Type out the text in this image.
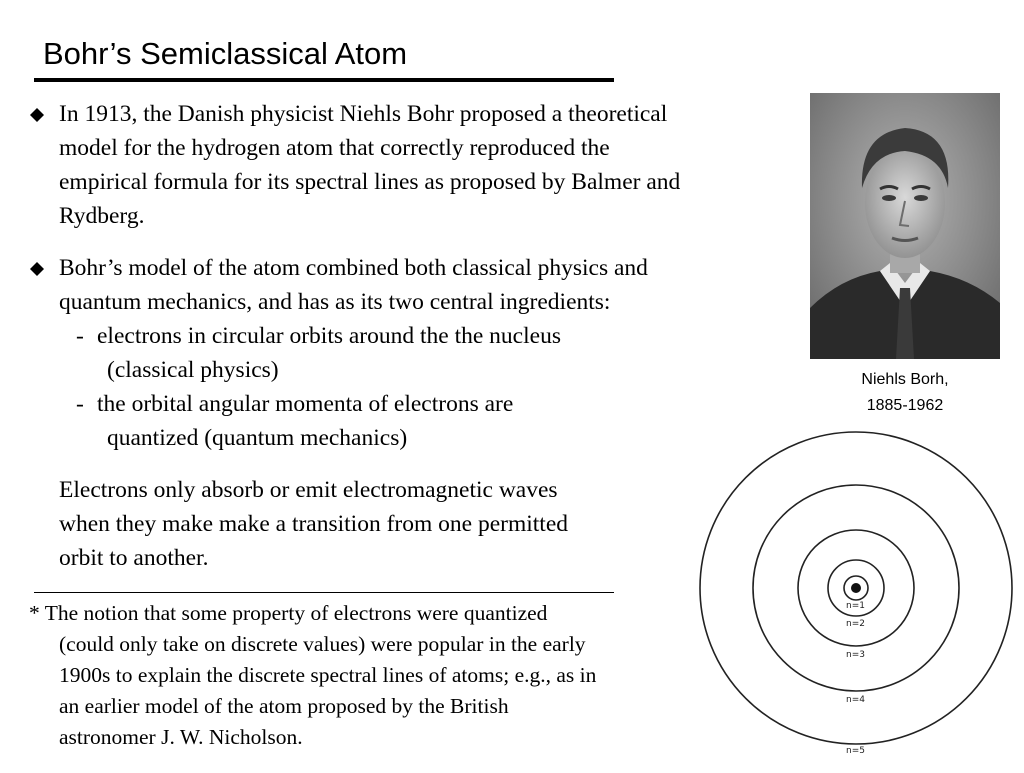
Bohr’s Semiclassical Atom
In 1913, the Danish physicist Niehls Bohr proposed a theoretical
model for the hydrogen atom that correctly reproduced the
empirical formula for its spectral lines as proposed by Balmer and
Rydberg.
Bohr’s model of the atom combined both classical physics and
quantum mechanics, and has as its two central ingredients:
- electrons in circular orbits around the the nucleus
(classical physics)
- the orbital angular momenta of electrons are
quantized (quantum mechanics)
Electrons only absorb or emit electromagnetic waves
when they make make a transition from one permitted
orbit to another.
* The notion that some property of electrons were quantized
(could only take on discrete values) were popular in the early
1900s to explain the discrete spectral lines of atoms; e.g., as in
an earlier model of the atom proposed by the British
astronomer J. W. Nicholson.
Niehls Borh,
1885-1962
n=1
n=2
n=3
n=4
n=5
